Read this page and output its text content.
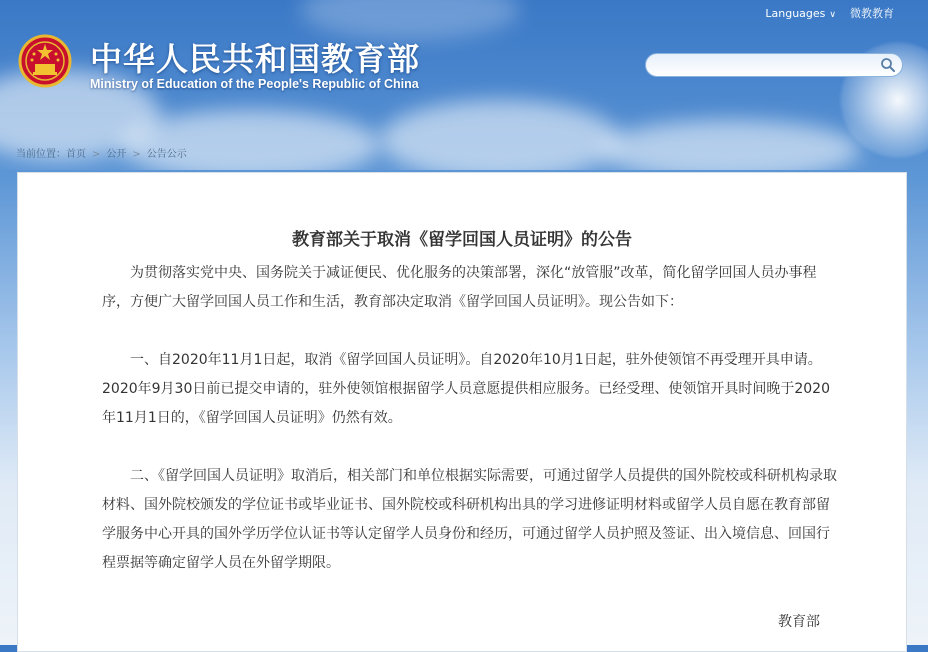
中华人民共和国教育部
Ministry of Education of the People's Republic of China
Languages ∨ 微教教育
当前位置：首页 > 公开 > 公告公示
教育部关于取消《留学回国人员证明》的公告

为贯彻落实党中央、国务院关于减证便民、优化服务的决策部署，深化“放管服”改革，简化留学回国人员办事程序，方便广大留学回国人员工作和生活，教育部决定取消《留学回国人员证明》。现公告如下：

一、自2020年11月1日起，取消《留学回国人员证明》。自2020年10月1日起，驻外使领馆不再受理开具申请。2020年9月30日前已提交申请的，驻外使领馆根据留学人员意愿提供相应服务。已经受理、使领馆开具时间晚于2020年11月1日的，《留学回国人员证明》仍然有效。

二、《留学回国人员证明》取消后，相关部门和单位根据实际需要，可通过留学人员提供的国外院校或科研机构录取材料、国外院校颁发的学位证书或毕业证书、国外院校或科研机构出具的学习进修证明材料或留学人员自愿在教育部留学服务中心开具的国外学历学位认证书等认定留学人员身份和经历，可通过留学人员护照及签证、出入境信息、回国行程票据等确定留学人员在外留学期限。

教育部
